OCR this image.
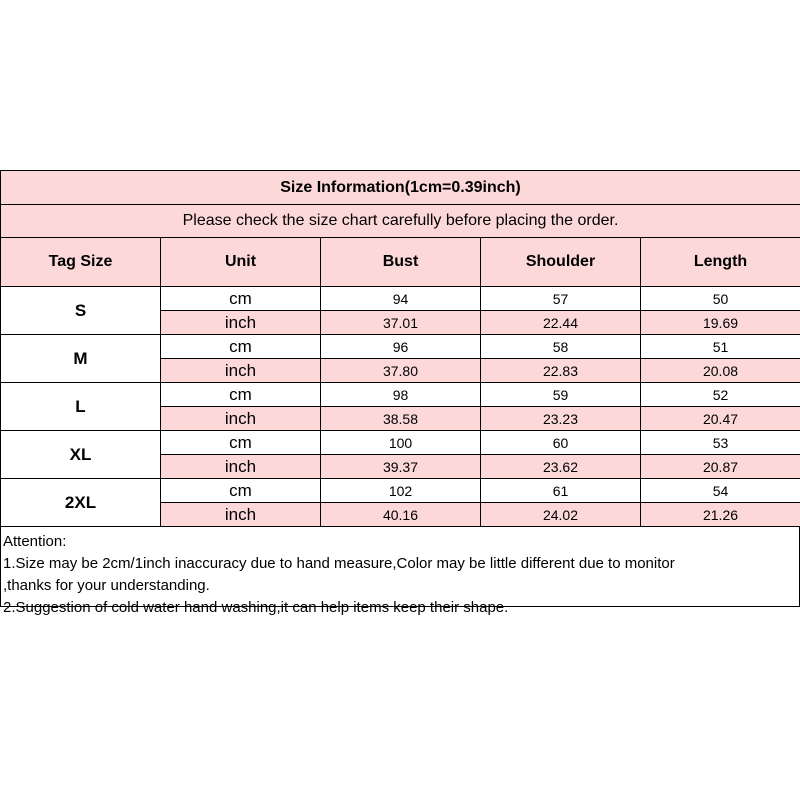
Size Information(1cm=0.39inch)				
Please check the size chart carefully before placing the order.				
Tag Size	Unit	Bust	Shoulder	Length
S	cm	94	57	50
	inch	37.01	22.44	19.69
M	cm	96	58	51
	inch	37.80	22.83	20.08
L	cm	98	59	52
	inch	38.58	23.23	20.47
XL	cm	100	60	53
	inch	39.37	23.62	20.87
2XL	cm	102	61	54
	inch	40.16	24.02	21.26
Attention:
1.Size may be 2cm/1inch inaccuracy due to hand measure,Color may be little different due to monitor
,thanks for your understanding.
2.Suggestion of cold water hand washing,it can help items keep their shape.
